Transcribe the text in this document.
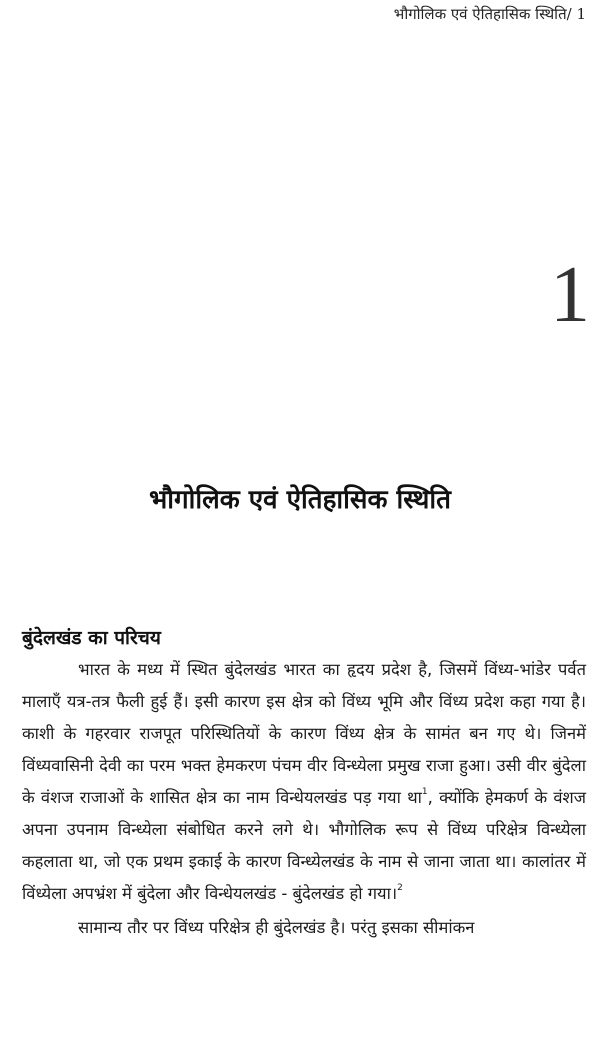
भौगोलिक एवं ऐतिहासिक स्थिति/ 1
1
भौगोलिक एवं ऐतिहासिक स्थिति
बुंदेलखंड का परिचय

भारत के मध्य में स्थित बुंदेलखंड भारत का हृदय प्रदेश है, जिसमें विंध्य-भांडेर पर्वत मालाएँ यत्र-तत्र फैली हुई हैं। इसी कारण इस क्षेत्र को विंध्य भूमि और विंध्य प्रदेश कहा गया है। काशी के गहरवार राजपूत परिस्थितियों के कारण विंध्य क्षेत्र के सामंत बन गए थे। जिनमें विंध्यवासिनी देवी का परम भक्त हेमकरण पंचम वीर विन्ध्येला प्रमुख राजा हुआ। उसी वीर बुंदेला के वंशज राजाओं के शासित क्षेत्र का नाम विन्धेयलखंड पड़ गया था$^1$, क्योंकि हेमकर्ण के वंशज अपना उपनाम विन्ध्येला संबोधित करने लगे थे। भौगोलिक रूप से विंध्य परिक्षेत्र विन्ध्येला कहलाता था, जो एक प्रथम इकाई के कारण विन्ध्येलखंड के नाम से जाना जाता था। कालांतर में विंध्येला अपभ्रंश में बुंदेला और विन्धेयलखंड - बुंदेलखंड हो गया।$^2$

सामान्य तौर पर विंध्य परिक्षेत्र ही बुंदेलखंड है। परंतु इसका सीमांकन
